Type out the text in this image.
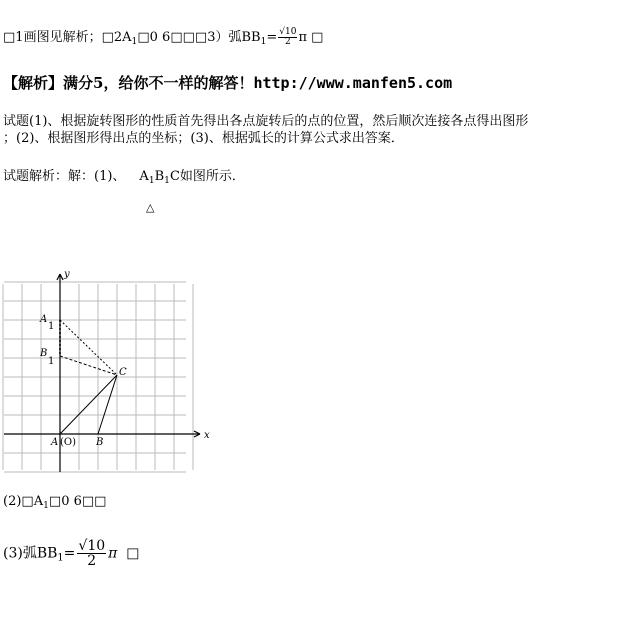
□1画图见解析；$□2A_1□0$ 6□□□3）弧$BB_1= \frac{√10}{2}$ π □
【解析】满分5，给你不一样的解答！http://www.manfen5.com
试题(1)、根据旋转图形的性质首先得出各点旋转后的点的位置，然后顺次连接各点得出图形
；(2)、根据图形得出点的坐标；(3)、根据弧长的计算公式求出答案．
试题解析：解：(1)、 $A_1B_1C$如图所示．
△
y
x
A
1
B
1
C
A (O) B
$(2)□A_1□0$ 6□□
(3)弧$BB_1= \frac{√10}{2}$ π □
